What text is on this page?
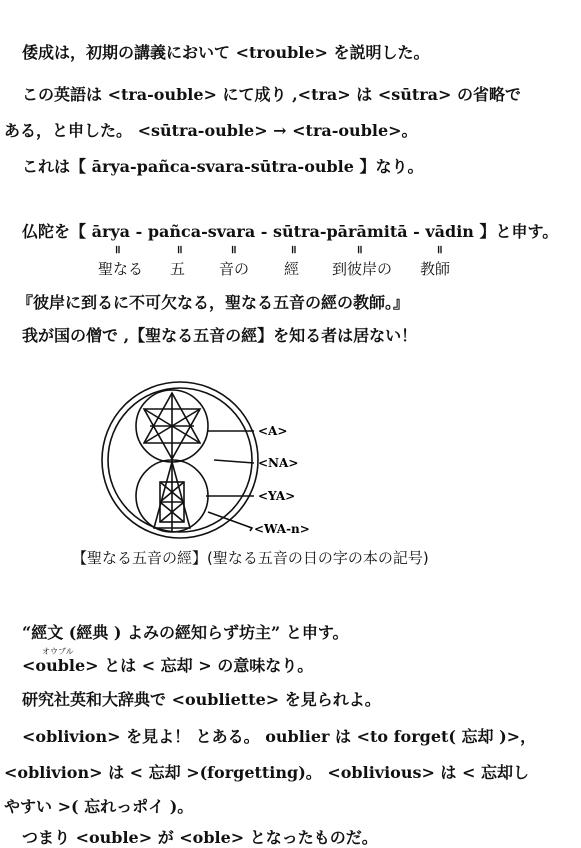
倭成は，初期の講義において <trouble> を説明した。
この英語は <tra-ouble> にて成り ,<tra> は <sūtra> の省略で
ある，と申した。 <sūtra-ouble> → <tra-ouble>。
これは【 ārya-pañca-svara-sūtra-ouble 】なり。
仏陀を【 ārya - pañca-svara - sūtra-pārāmitā - vādin 】と申す。
॥	॥	॥	॥	॥	॥
聖なる 五 音の 經 到彼岸の 教師
『彼岸に到るに不可欠なる，聖なる五音の經の教師。』
我が国の僧で ,【聖なる五音の經】を知る者は居ない！
<A>
<NA>
<YA>
<WA-n>
【聖なる五音の經】(聖なる五音の日の字の本の記号)
“經文 (經典 ) よみの經知らず坊主” と申す。
オウブル
<ouble> とは < 忘却 > の意味なり。
研究社英和大辞典で <oubliette> を見られよ。
<oblivion> を見よ！ とある。 oublier は <to forget( 忘却 )>，
<oblivion> は < 忘却 >(forgetting)。 <oblivious> は < 忘却し
やすい >( 忘れっポイ )。
つまり <ouble> が <oble> となったものだ。
